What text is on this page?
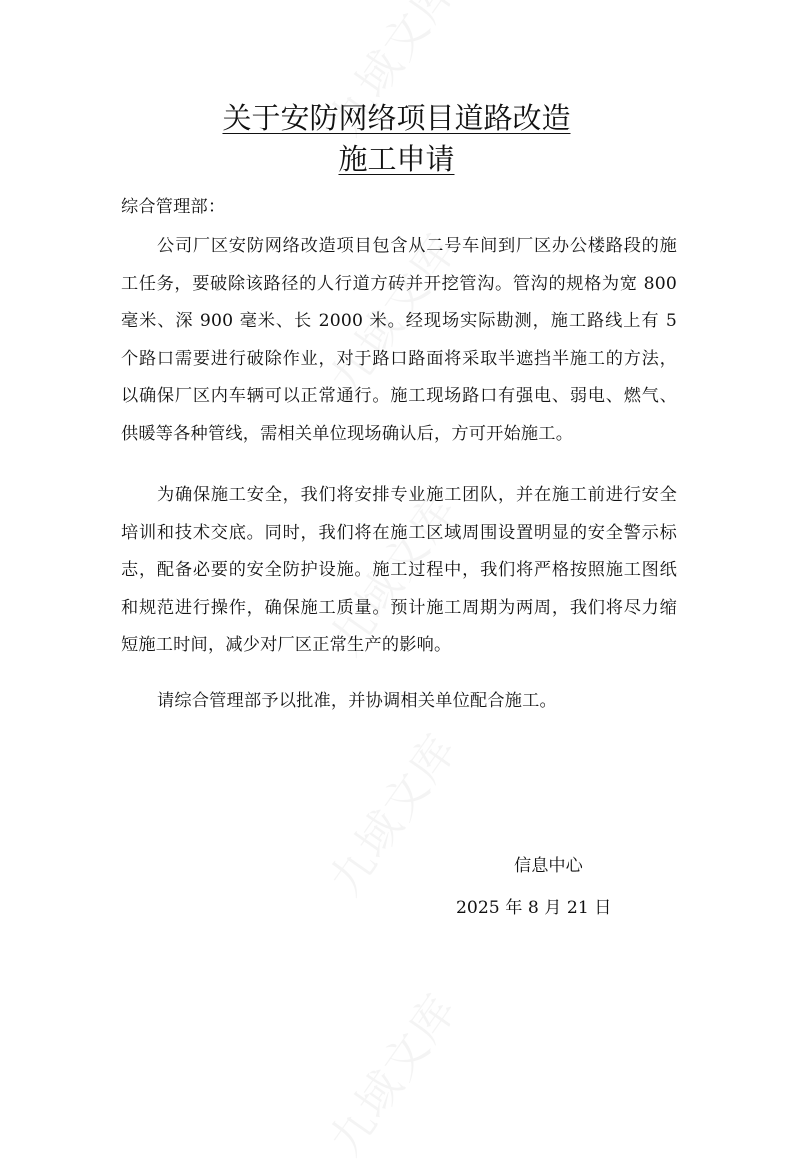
关于安防网络项目道路改造
施工申请
综合管理部：
公司厂区安防网络改造项目包含从二号车间到厂区办公楼路段的施工任务，要破除该路径的人行道方砖并开挖管沟。管沟的规格为宽 800 毫米、深 900 毫米、长 2000 米。经现场实际勘测，施工路线上有 5 个路口需要进行破除作业，对于路口路面将采取半遮挡半施工的方法，以确保厂区内车辆可以正常通行。施工现场路口有强电、弱电、燃气、供暖等各种管线，需相关单位现场确认后，方可开始施工。
为确保施工安全，我们将安排专业施工团队，并在施工前进行安全培训和技术交底。同时，我们将在施工区域周围设置明显的安全警示标志，配备必要的安全防护设施。施工过程中，我们将严格按照施工图纸和规范进行操作，确保施工质量。预计施工周期为两周，我们将尽力缩短施工时间，减少对厂区正常生产的影响。
请综合管理部予以批准，并协调相关单位配合施工。
信息中心
2025 年 8 月 21 日
